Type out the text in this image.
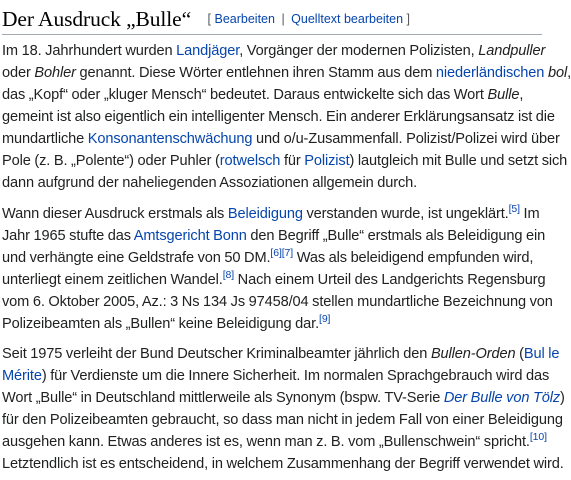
Der Ausdruck „Bulle“ [ Bearbeiten | Quelltext bearbeiten ]

Im 18. Jahrhundert wurden Landjäger, Vorgänger der modernen Polizisten, Landpuller
oder Bohler genannt. Diese Wörter entlehnen ihren Stamm aus dem niederländischen bol,
das „Kopf“ oder „kluger Mensch“ bedeutet. Daraus entwickelte sich das Wort Bulle,
gemeint ist also eigentlich ein intelligenter Mensch. Ein anderer Erklärungsansatz ist die
mundartliche Konsonantenschwächung und o/u-Zusammenfall. Polizist/Polizei wird über
Pole (z. B. „Polente“) oder Puhler (rotwelsch für Polizist) lautgleich mit Bulle und setzt sich
dann aufgrund der naheliegenden Assoziationen allgemein durch.

Wann dieser Ausdruck erstmals als Beleidigung verstanden wurde, ist ungeklärt.[5] Im
Jahr 1965 stufte das Amtsgericht Bonn den Begriff „Bulle“ erstmals als Beleidigung ein
und verhängte eine Geldstrafe von 50 DM.[6][7] Was als beleidigend empfunden wird,
unterliegt einem zeitlichen Wandel.[8] Nach einem Urteil des Landgerichts Regensburg
vom 6. Oktober 2005, Az.: 3 Ns 134 Js 97458/04 stellen mundartliche Bezeichnung von
Polizeibeamten als „Bullen“ keine Beleidigung dar.[9]

Seit 1975 verleiht der Bund Deutscher Kriminalbeamter jährlich den Bullen-Orden (Bul le
Mérite) für Verdienste um die Innere Sicherheit. Im normalen Sprachgebrauch wird das
Wort „Bulle“ in Deutschland mittlerweile als Synonym (bspw. TV-Serie Der Bulle von Tölz)
für den Polizeibeamten gebraucht, so dass man nicht in jedem Fall von einer Beleidigung
ausgehen kann. Etwas anderes ist es, wenn man z. B. vom „Bullenschwein“ spricht.[10]
Letztendlich ist es entscheidend, in welchem Zusammenhang der Begriff verwendet wird.
